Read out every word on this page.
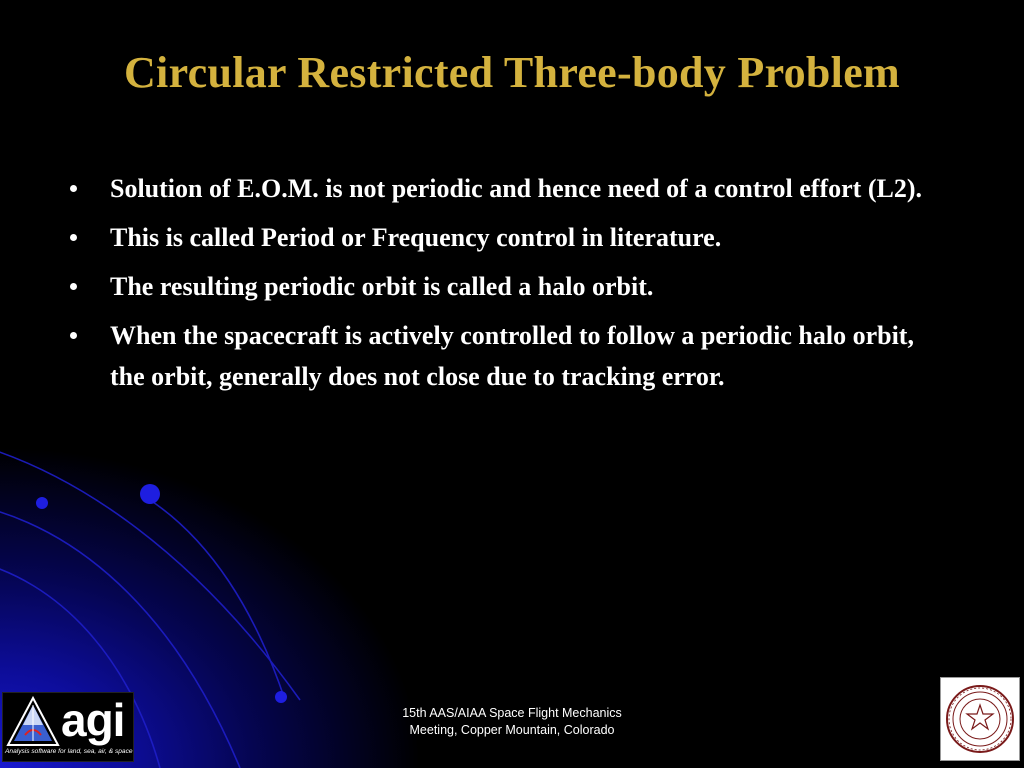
Circular Restricted Three-body Problem
Solution of E.O.M. is not periodic and hence need of a control effort (L2).
This is called Period or Frequency control in literature.
The resulting periodic orbit is called a halo orbit.
When the spacecraft is actively controlled to follow a periodic halo orbit, the orbit, generally does not close due to tracking error.
agi
Analysis software for land, sea, air, & space
15th AAS/AIAA Space Flight Mechanics
Meeting, Copper Mountain, Colorado
